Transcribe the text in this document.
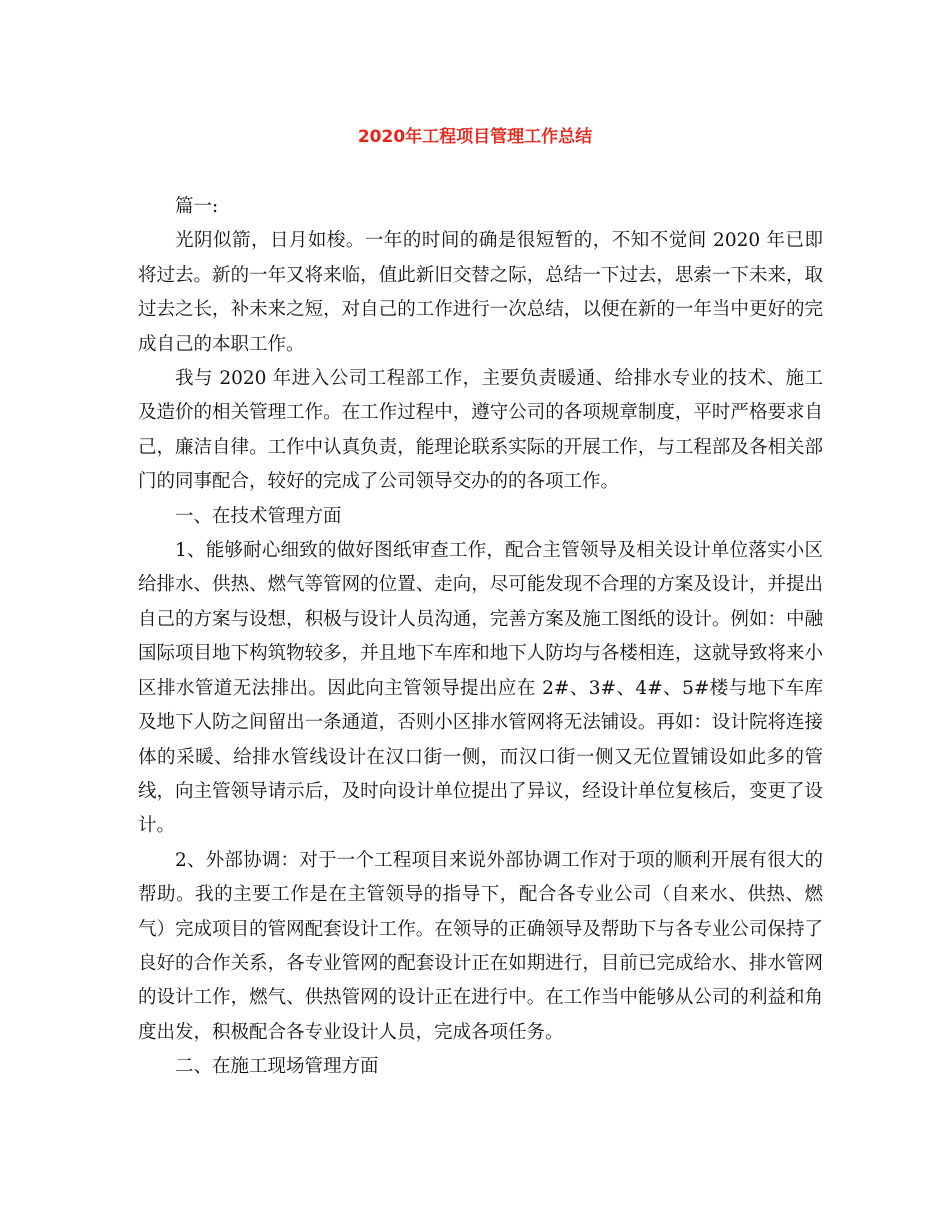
2020年工程项目管理工作总结

篇一:

光阴似箭，日月如梭。一年的时间的确是很短暂的，不知不觉间 2020 年已即将过去。新的一年又将来临，值此新旧交替之际，总结一下过去，思索一下未来，取过去之长，补未来之短，对自己的工作进行一次总结，以便在新的一年当中更好的完成自己的本职工作。

我与 2020 年进入公司工程部工作，主要负责暖通、给排水专业的技术、施工及造价的相关管理工作。在工作过程中，遵守公司的各项规章制度，平时严格要求自己，廉洁自律。工作中认真负责，能理论联系实际的开展工作，与工程部及各相关部门的同事配合，较好的完成了公司领导交办的的各项工作。

一、在技术管理方面

1、能够耐心细致的做好图纸审查工作，配合主管领导及相关设计单位落实小区给排水、供热、燃气等管网的位置、走向，尽可能发现不合理的方案及设计，并提出自己的方案与设想，积极与设计人员沟通，完善方案及施工图纸的设计。例如：中融国际项目地下构筑物较多，并且地下车库和地下人防均与各楼相连，这就导致将来小区排水管道无法排出。因此向主管领导提出应在 2#、3#、4#、5#楼与地下车库及地下人防之间留出一条通道，否则小区排水管网将无法铺设。再如：设计院将连接体的采暖、给排水管线设计在汉口街一侧，而汉口街一侧又无位置铺设如此多的管线，向主管领导请示后，及时向设计单位提出了异议，经设计单位复核后，变更了设计。

2、外部协调：对于一个工程项目来说外部协调工作对于项的顺利开展有很大的帮助。我的主要工作是在主管领导的指导下，配合各专业公司（自来水、供热、燃气）完成项目的管网配套设计工作。在领导的正确领导及帮助下与各专业公司保持了良好的合作关系，各专业管网的配套设计正在如期进行，目前已完成给水、排水管网的设计工作，燃气、供热管网的设计正在进行中。在工作当中能够从公司的利益和角度出发，积极配合各专业设计人员，完成各项任务。

二、在施工现场管理方面
